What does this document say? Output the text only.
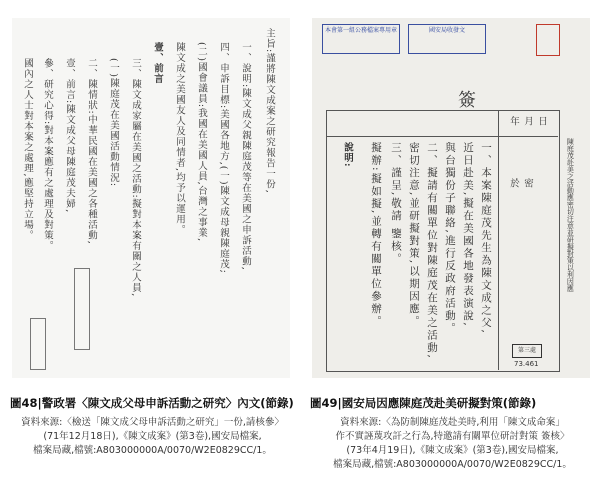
主旨:謹將陳文成案之研究報告一份,
一、說明:陳文成父親陳庭茂等在美國之申訴活動,
四、申訴目標:美國各地方,(一)陳文成母親陳庭茂;
(二)國會議員:我國在美國人員,台灣之事業,
陳文成之美國友人及同情者,均予以運用。
壹、前言
三、陳文成家屬在美國之活動:擬對本案有關之人員,
(一)陳庭茂在美國活動情況:
二、陳情狀:中華民國在美國之各種活動,
壹、前言:陳文成父母陳庭茂夫婦,
參、研究心得:對本案應有之處理及對策。
國內之人士對本案之處理,應堅持立場。

圖48|警政署〈陳文成父母申訴活動之研究〉內文(節錄)

資料來源:〈檢送「陳文成父母申訴活動之研究」一份,請核參〉

(71年12月18日),《陳文成案》(第3卷),國安局檔案,

檔案局藏,檔號:A803000000A/0070/W2E0829CC/1。

本會第一組公務檔案專用章	國安局收發文
簽
年 月 日
於 密
說明:	一、本案陳庭茂先生為陳文成之父,
近日赴美,擬在美國各地發表演說,
與台獨份子聯絡,進行反政府活動。
二、擬請有關單位對陳庭茂在美之活動,
密切注意,並研擬對策,以期因應。
三、謹呈,敬請 鑒核。
擬辦:擬如擬,並轉有關單位參辦。	陳庭茂赴美之活動應密切注意並研擬對策以利因應
第三處
73.461

圖49|國安局因應陳庭茂赴美研擬對策(節錄)

資料來源:〈為防制陳庭茂赴美時,利用「陳文成命案」

作不實誣蔑攻訐之行為,特邀請有關單位研討對策 簽核〉

(73年4月19日),《陳文成案》(第3卷),國安局檔案,

檔案局藏,檔號:A803000000A/0070/W2E0829CC/1。
